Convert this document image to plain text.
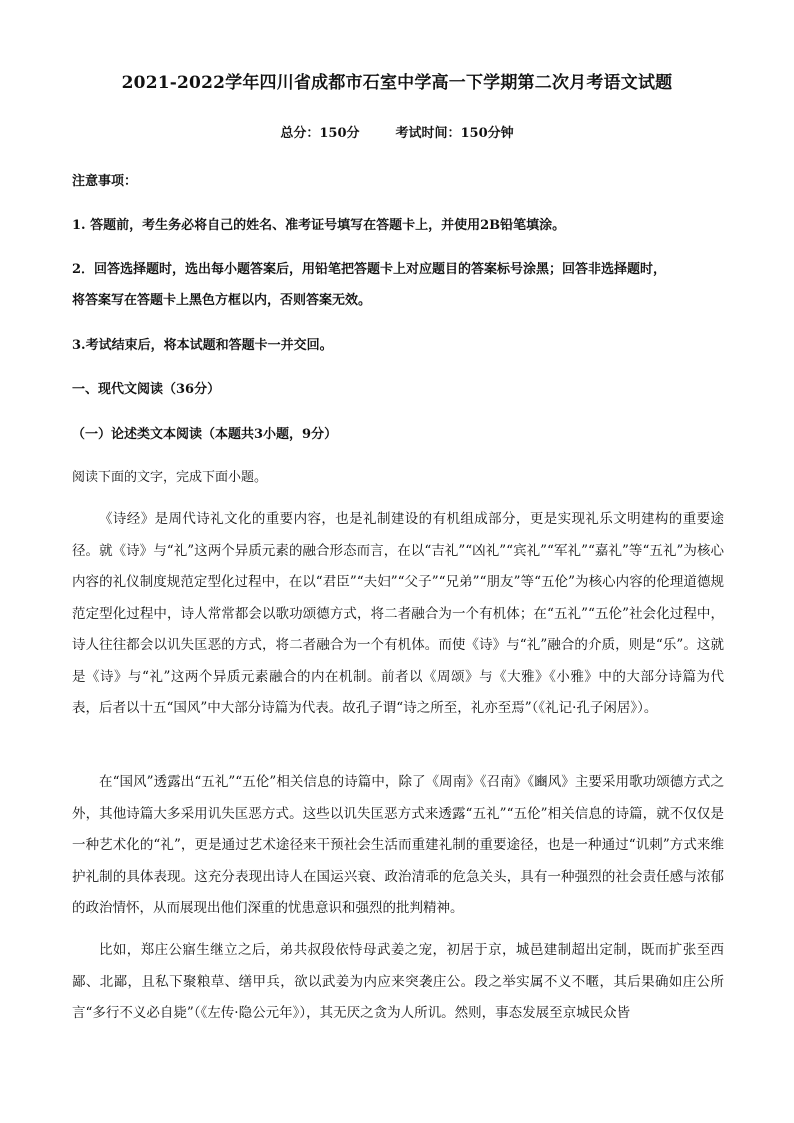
2021-2022学年四川省成都市石室中学高一下学期第二次月考语文试题
总分：150分	考试时间：150分钟
注意事项：
1. 答题前，考生务必将自己的姓名、准考证号填写在答题卡上，并使用2B铅笔填涂。
2．回答选择题时，选出每小题答案后，用铅笔把答题卡上对应题目的答案标号涂黑；回答非选择题时，
将答案写在答题卡上黑色方框以内，否则答案无效。
3.考试结束后，将本试题和答题卡一并交回。
一、现代文阅读（36分）
（一）论述类文本阅读（本题共3小题，9分）
阅读下面的文字，完成下面小题。

《诗经》是周代诗礼文化的重要内容，也是礼制建设的有机组成部分，更是实现礼乐文明建构的重要途径。就《诗》与“礼”这两个异质元素的融合形态而言，在以“吉礼”“凶礼”“宾礼”“军礼”“嘉礼”等“五礼”为核心内容的礼仪制度规范定型化过程中，在以“君臣”“夫妇”“父子”“兄弟”“朋友”等“五伦”为核心内容的伦理道德规范定型化过程中，诗人常常都会以歌功颂德方式，将二者融合为一个有机体；在“五礼”“五伦”社会化过程中，诗人往往都会以讥失匡恶的方式，将二者融合为一个有机体。而使《诗》与“礼”融合的介质，则是“乐”。这就是《诗》与“礼”这两个异质元素融合的内在机制。前者以《周颂》与《大雅》《小雅》中的大部分诗篇为代表，后者以十五“国风”中大部分诗篇为代表。故孔子谓“诗之所至，礼亦至焉”（《礼记·孔子闲居》）。

在“国风”透露出“五礼”“五伦”相关信息的诗篇中，除了《周南》《召南》《豳风》主要采用歌功颂德方式之外，其他诗篇大多采用讥失匡恶方式。这些以讥失匡恶方式来透露“五礼”“五伦”相关信息的诗篇，就不仅仅是一种艺术化的“礼”，更是通过艺术途径来干预社会生活而重建礼制的重要途径，也是一种通过“讥刺”方式来维护礼制的具体表现。这充分表现出诗人在国运兴衰、政治清乖的危急关头，具有一种强烈的社会责任感与浓郁的政治情怀，从而展现出他们深重的忧患意识和强烈的批判精神。

比如，郑庄公寤生继立之后，弟共叔段依恃母武姜之宠，初居于京，城邑建制超出定制，既而扩张至西鄙、北鄙，且私下聚粮草、缮甲兵，欲以武姜为内应来突袭庄公。段之举实属不义不暱，其后果确如庄公所言“多行不义必自毙”（《左传·隐公元年》），其无厌之贪为人所讥。然则，事态发展至京城民众皆
